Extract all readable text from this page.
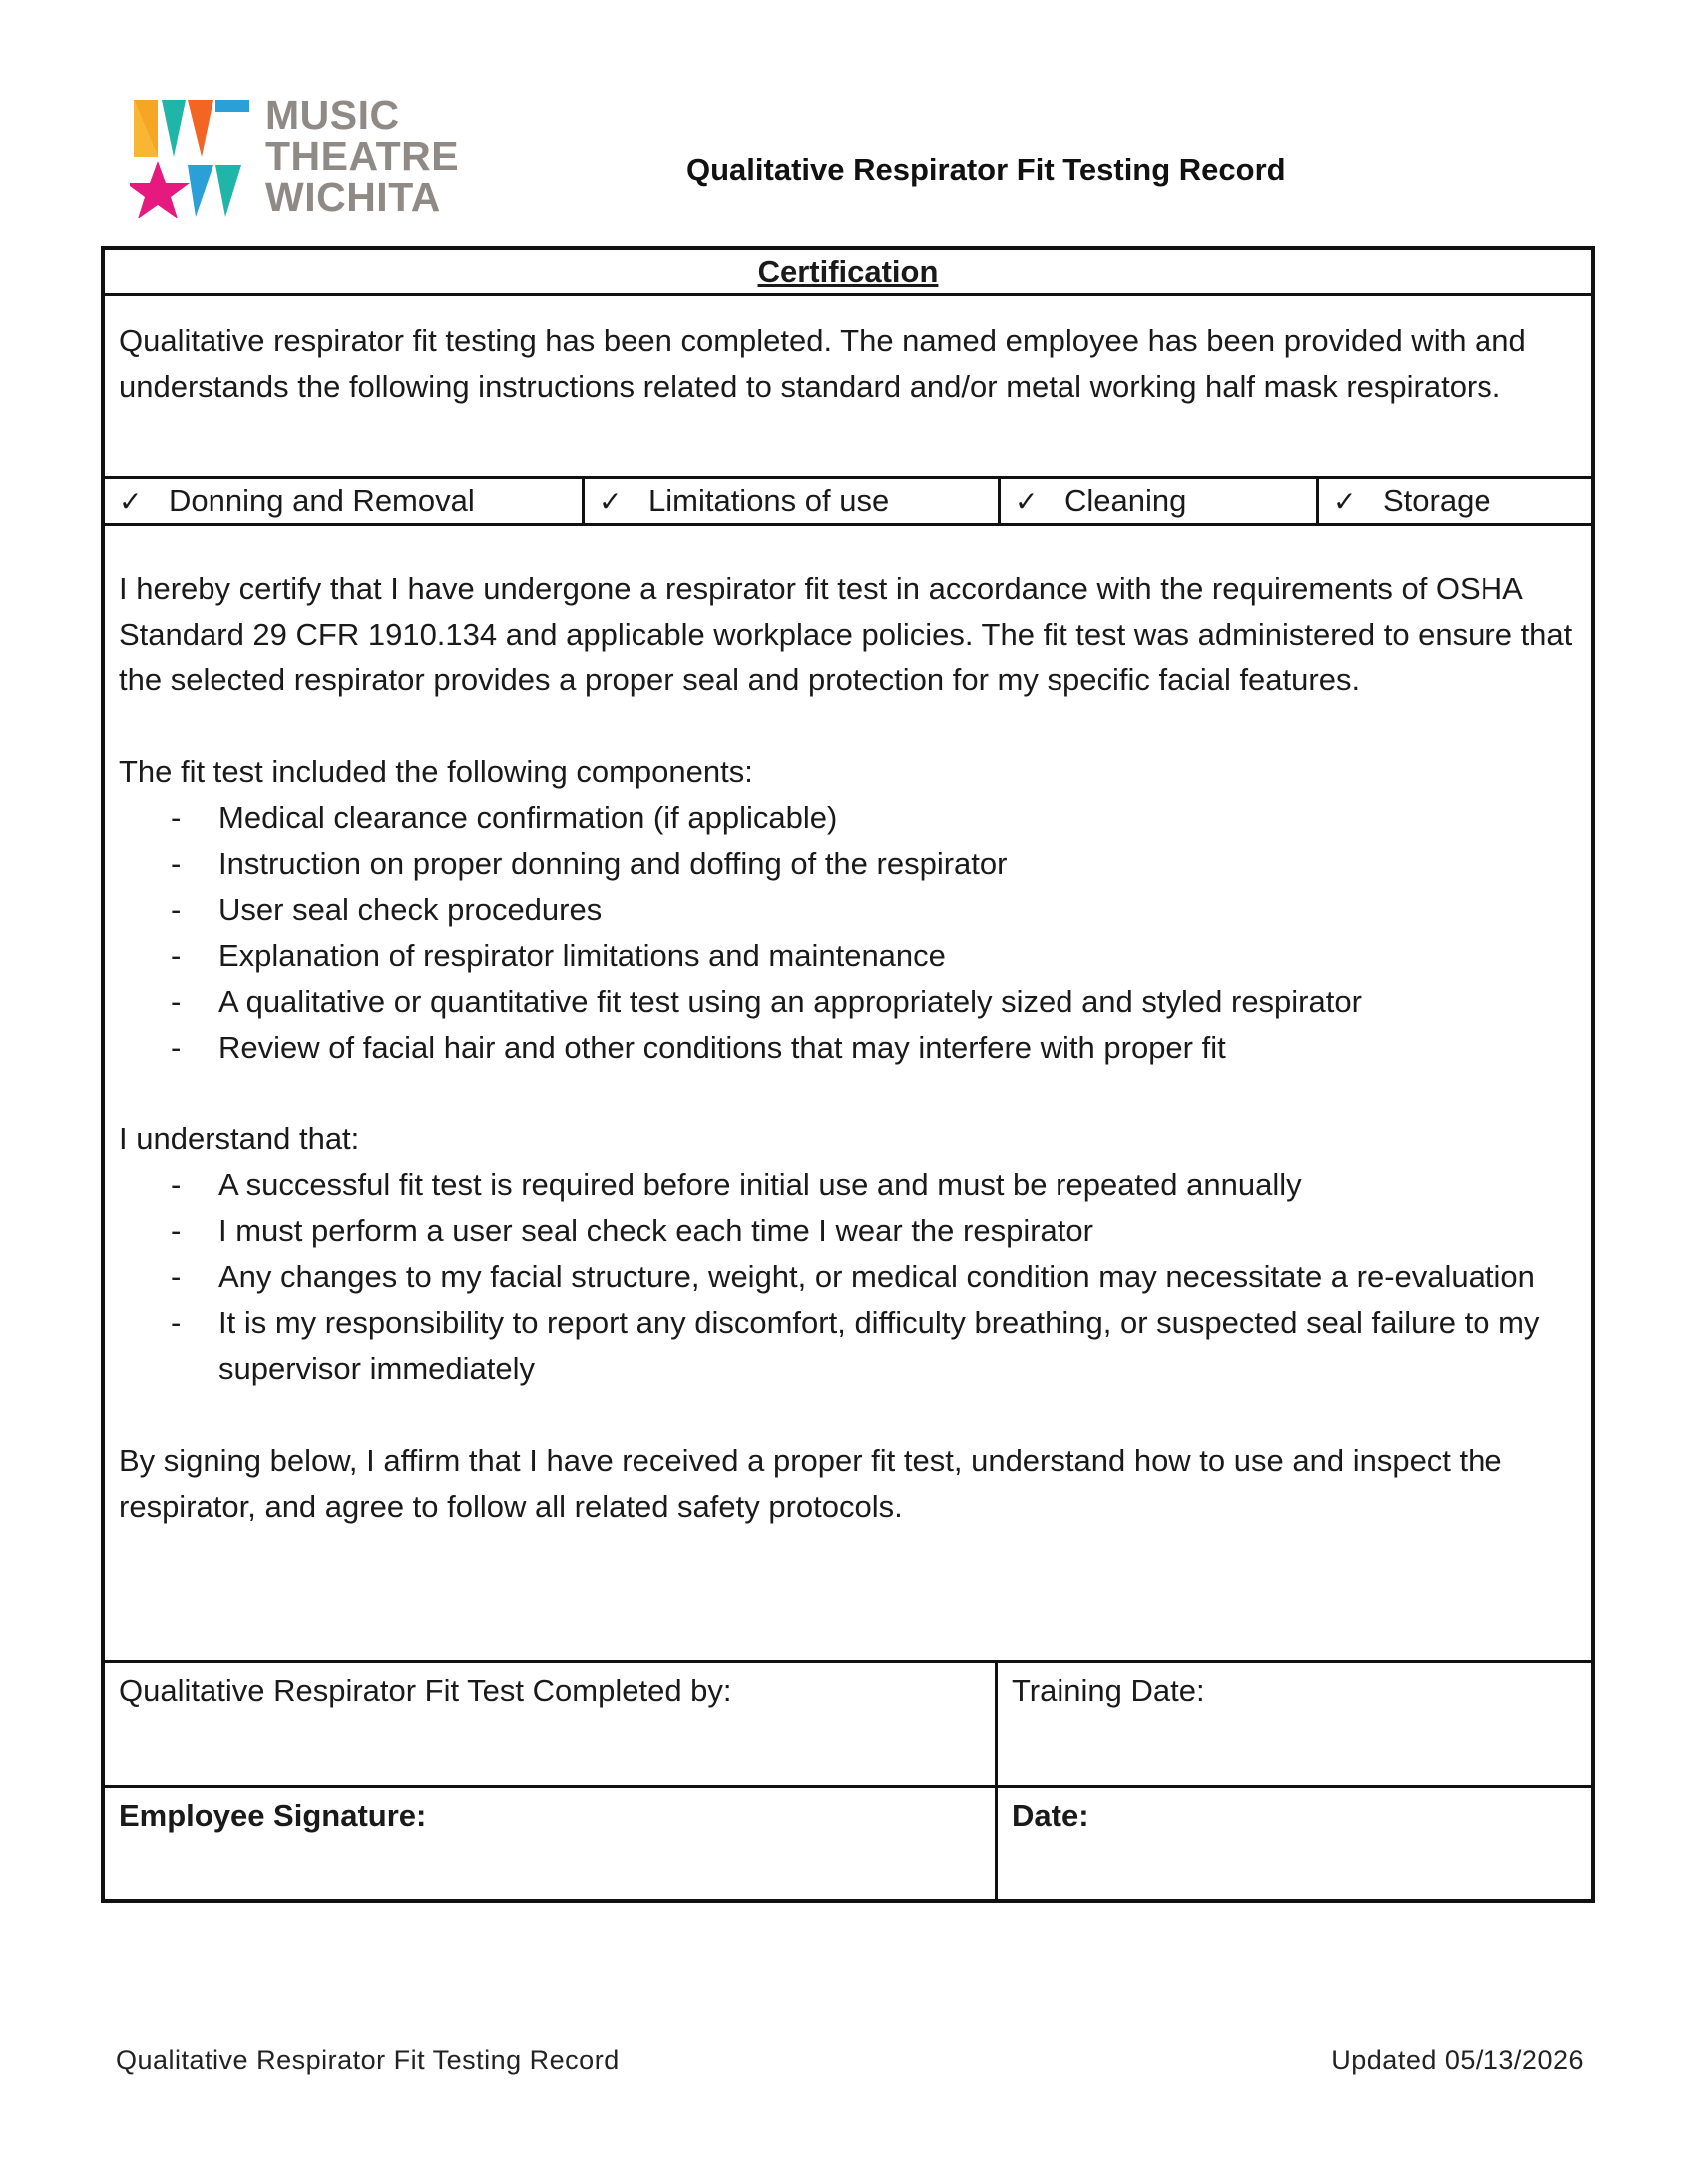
MUSIC
THEATRE
WICHITA
Qualitative Respirator Fit Testing Record
Certification
Qualitative respirator fit testing has been completed. The named employee has been provided with and understands the following instructions related to standard and/or metal working half mask respirators.
✓ Donning and Removal	✓ Limitations of use	✓ Cleaning	✓ Storage

I hereby certify that I have undergone a respirator fit test in accordance with the requirements of OSHA Standard 29 CFR 1910.134 and applicable workplace policies. The fit test was administered to ensure that the selected respirator provides a proper seal and protection for my specific facial features.

The fit test included the following components:

- Medical clearance confirmation (if applicable)
- Instruction on proper donning and doffing of the respirator
- User seal check procedures
- Explanation of respirator limitations and maintenance
- A qualitative or quantitative fit test using an appropriately sized and styled respirator
- Review of facial hair and other conditions that may interfere with proper fit

I understand that:

- A successful fit test is required before initial use and must be repeated annually
- I must perform a user seal check each time I wear the respirator
- Any changes to my facial structure, weight, or medical condition may necessitate a re-evaluation
- It is my responsibility to report any discomfort, difficulty breathing, or suspected seal failure to my supervisor immediately

By signing below, I affirm that I have received a proper fit test, understand how to use and inspect the respirator, and agree to follow all related safety protocols.

Qualitative Respirator Fit Test Completed by:	Training Date:
Employee Signature:	Date:
Qualitative Respirator Fit Testing Record	Updated 05/13/2026
